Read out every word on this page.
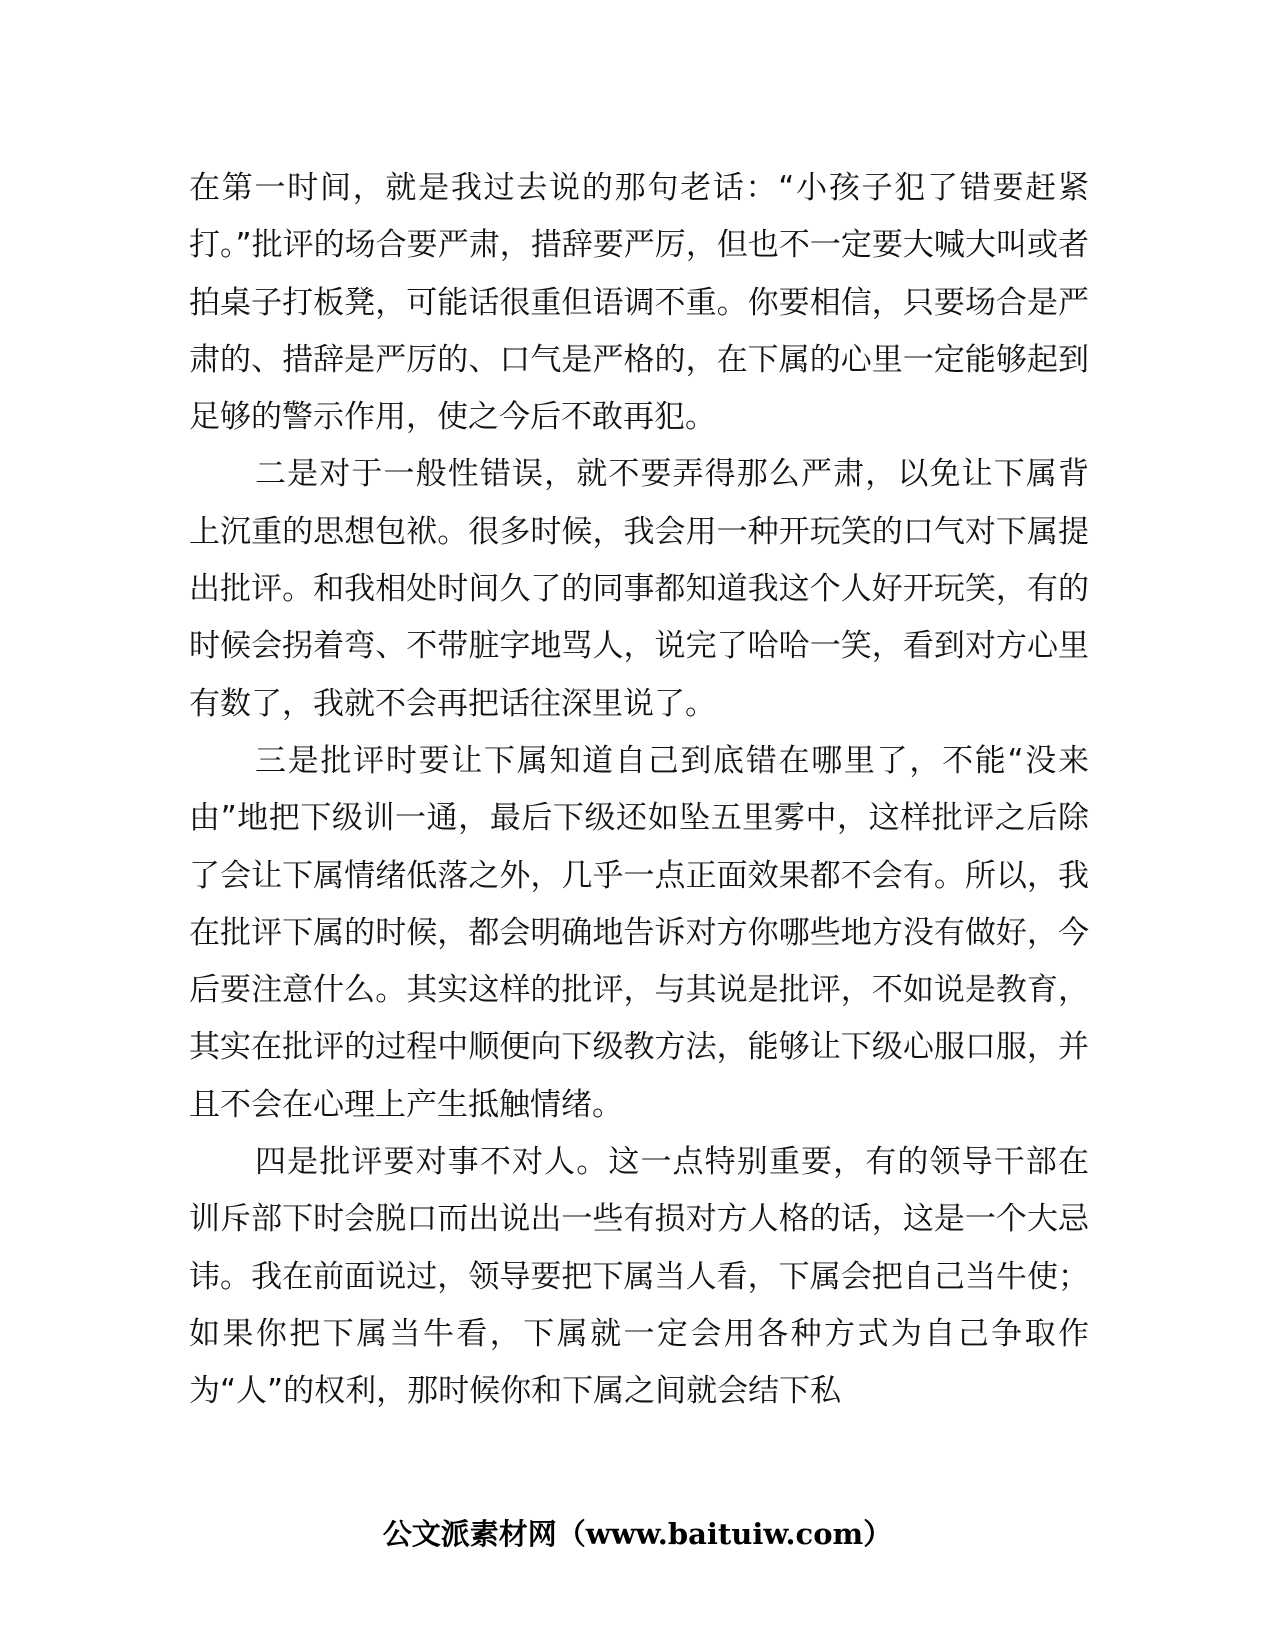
在第一时间，就是我过去说的那句老话：“小孩子犯了错要赶紧打。”批评的场合要严肃，措辞要严厉，但也不一定要大喊大叫或者拍桌子打板凳，可能话很重但语调不重。你要相信，只要场合是严肃的、措辞是严厉的、口气是严格的，在下属的心里一定能够起到足够的警示作用，使之今后不敢再犯。

二是对于一般性错误，就不要弄得那么严肃，以免让下属背上沉重的思想包袱。很多时候，我会用一种开玩笑的口气对下属提出批评。和我相处时间久了的同事都知道我这个人好开玩笑，有的时候会拐着弯、不带脏字地骂人，说完了哈哈一笑，看到对方心里有数了，我就不会再把话往深里说了。

三是批评时要让下属知道自己到底错在哪里了，不能“没来由”地把下级训一通，最后下级还如坠五里雾中，这样批评之后除了会让下属情绪低落之外，几乎一点正面效果都不会有。所以，我在批评下属的时候，都会明确地告诉对方你哪些地方没有做好，今后要注意什么。其实这样的批评，与其说是批评，不如说是教育，其实在批评的过程中顺便向下级教方法，能够让下级心服口服，并且不会在心理上产生抵触情绪。

四是批评要对事不对人。这一点特别重要，有的领导干部在训斥部下时会脱口而出说出一些有损对方人格的话，这是一个大忌讳。我在前面说过，领导要把下属当人看，下属会把自己当牛使；如果你把下属当牛看，下属就一定会用各种方式为自己争取作为“人”的权利，那时候你和下属之间就会结下私

公文派素材网（www.baituiw.com）
